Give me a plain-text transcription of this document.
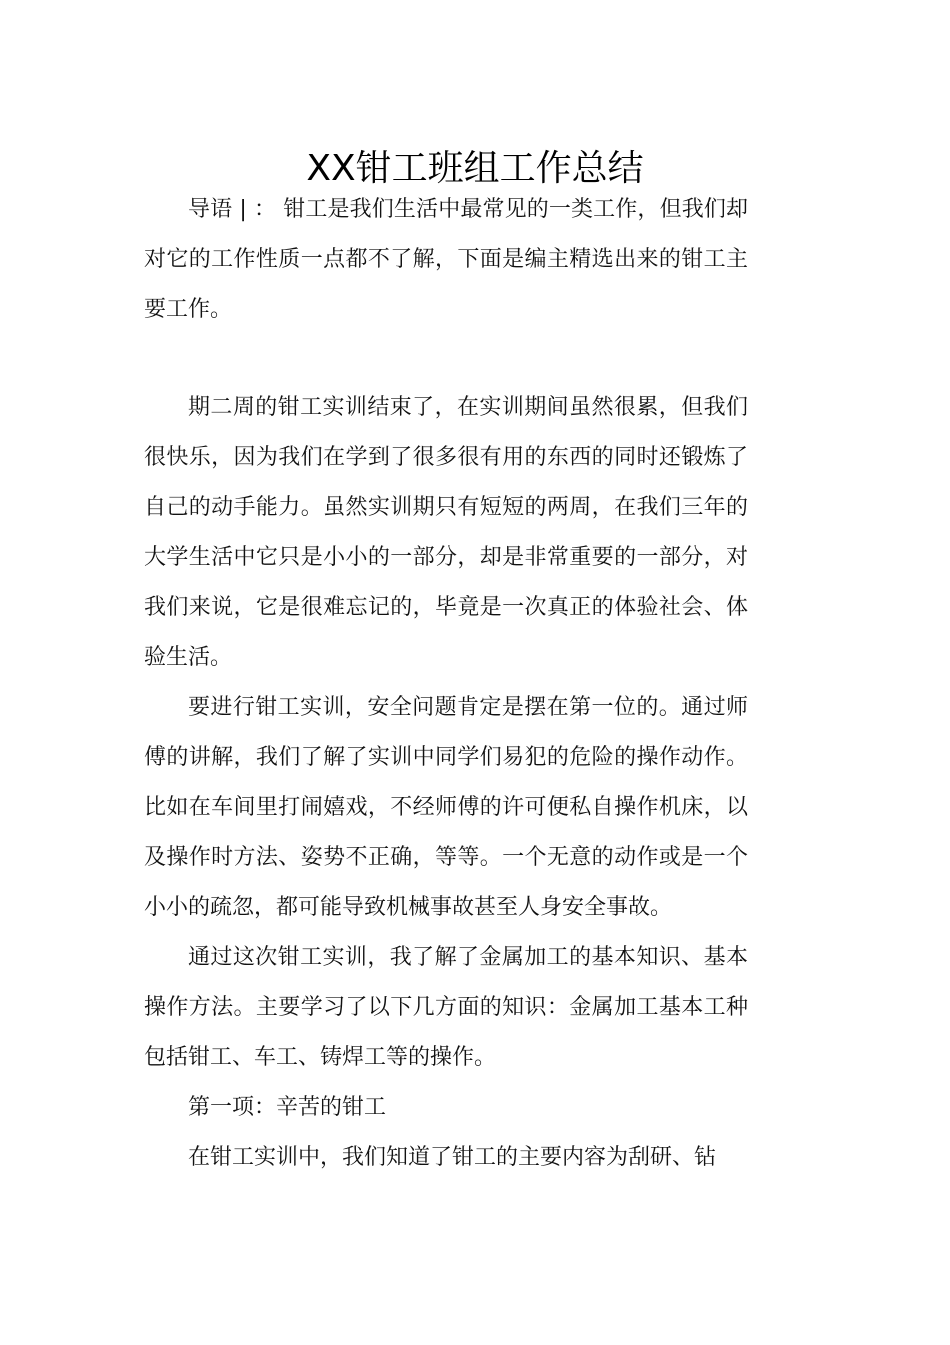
XX钳工班组工作总结

导语 | ： 钳工是我们生活中最常见的一类工作，但我们却对它的工作性质一点都不了解，下面是编主精选出来的钳工主要工作。

期二周的钳工实训结束了，在实训期间虽然很累，但我们很快乐，因为我们在学到了很多很有用的东西的同时还锻炼了自己的动手能力。虽然实训期只有短短的两周，在我们三年的大学生活中它只是小小的一部分，却是非常重要的一部分，对我们来说，它是很难忘记的，毕竟是一次真正的体验社会、体验生活。

要进行钳工实训，安全问题肯定是摆在第一位的。通过师傅的讲解，我们了解了实训中同学们易犯的危险的操作动作。比如在车间里打闹嬉戏，不经师傅的许可便私自操作机床，以及操作时方法、姿势不正确，等等。一个无意的动作或是一个小小的疏忽，都可能导致机械事故甚至人身安全事故。

通过这次钳工实训，我了解了金属加工的基本知识、基本操作方法。主要学习了以下几方面的知识：金属加工基本工种包括钳工、车工、铸焊工等的操作。

第一项：辛苦的钳工

在钳工实训中，我们知道了钳工的主要内容为刮研、钻
